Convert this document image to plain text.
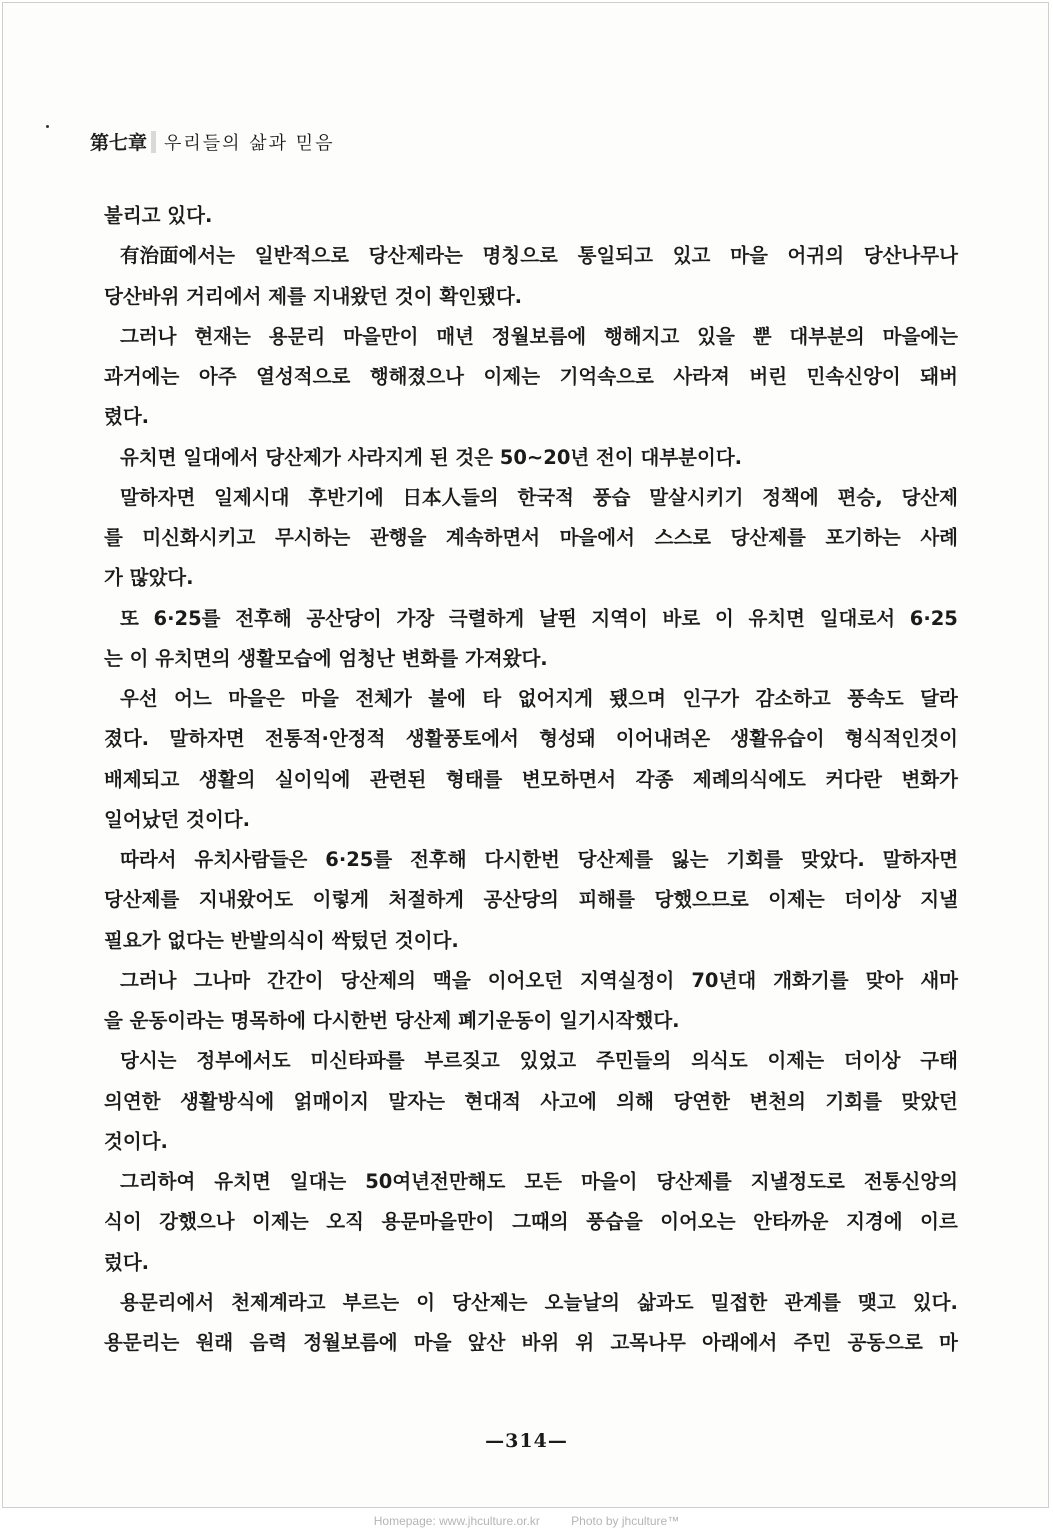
第七章 우리들의 삶과 믿음
불리고 있다.
有治面에서는 일반적으로 당산제라는 명칭으로 통일되고 있고 마을 어귀의 당산나무나
당산바위 거리에서 제를 지내왔던 것이 확인됐다.
그러나 현재는 용문리 마을만이 매년 정월보름에 행해지고 있을 뿐 대부분의 마을에는
과거에는 아주 열성적으로 행해졌으나 이제는 기억속으로 사라져 버린 민속신앙이 돼버
렸다.
유치면 일대에서 당산제가 사라지게 된 것은 50~20년 전이 대부분이다.
말하자면 일제시대 후반기에 日本人들의 한국적 풍습 말살시키기 정책에 편승, 당산제
를 미신화시키고 무시하는 관행을 계속하면서 마을에서 스스로 당산제를 포기하는 사례
가 많았다.
또 6·25를 전후해 공산당이 가장 극렬하게 날뛴 지역이 바로 이 유치면 일대로서 6·25
는 이 유치면의 생활모습에 엄청난 변화를 가져왔다.
우선 어느 마을은 마을 전체가 불에 타 없어지게 됐으며 인구가 감소하고 풍속도 달라
졌다. 말하자면 전통적·안정적 생활풍토에서 형성돼 이어내려온 생활유습이 형식적인것이
배제되고 생활의 실이익에 관련된 형태를 변모하면서 각종 제례의식에도 커다란 변화가
일어났던 것이다.
따라서 유치사람들은 6·25를 전후해 다시한번 당산제를 잃는 기회를 맞았다. 말하자면
당산제를 지내왔어도 이렇게 처절하게 공산당의 피해를 당했으므로 이제는 더이상 지낼
필요가 없다는 반발의식이 싹텄던 것이다.
그러나 그나마 간간이 당산제의 맥을 이어오던 지역실정이 70년대 개화기를 맞아 새마
을 운동이라는 명목하에 다시한번 당산제 폐기운동이 일기시작했다.
당시는 정부에서도 미신타파를 부르짖고 있었고 주민들의 의식도 이제는 더이상 구태
의연한 생활방식에 얽매이지 말자는 현대적 사고에 의해 당연한 변천의 기회를 맞았던
것이다.
그리하여 유치면 일대는 50여년전만해도 모든 마을이 당산제를 지낼정도로 전통신앙의
식이 강했으나 이제는 오직 용문마을만이 그때의 풍습을 이어오는 안타까운 지경에 이르
렀다.
용문리에서 천제계라고 부르는 이 당산제는 오늘날의 삶과도 밀접한 관계를 맺고 있다.
용문리는 원래 음력 정월보름에 마을 앞산 바위 위 고목나무 아래에서 주민 공동으로 마
—314—
Homepage: www.jhculture.or.kr	Photo by jhculture™
